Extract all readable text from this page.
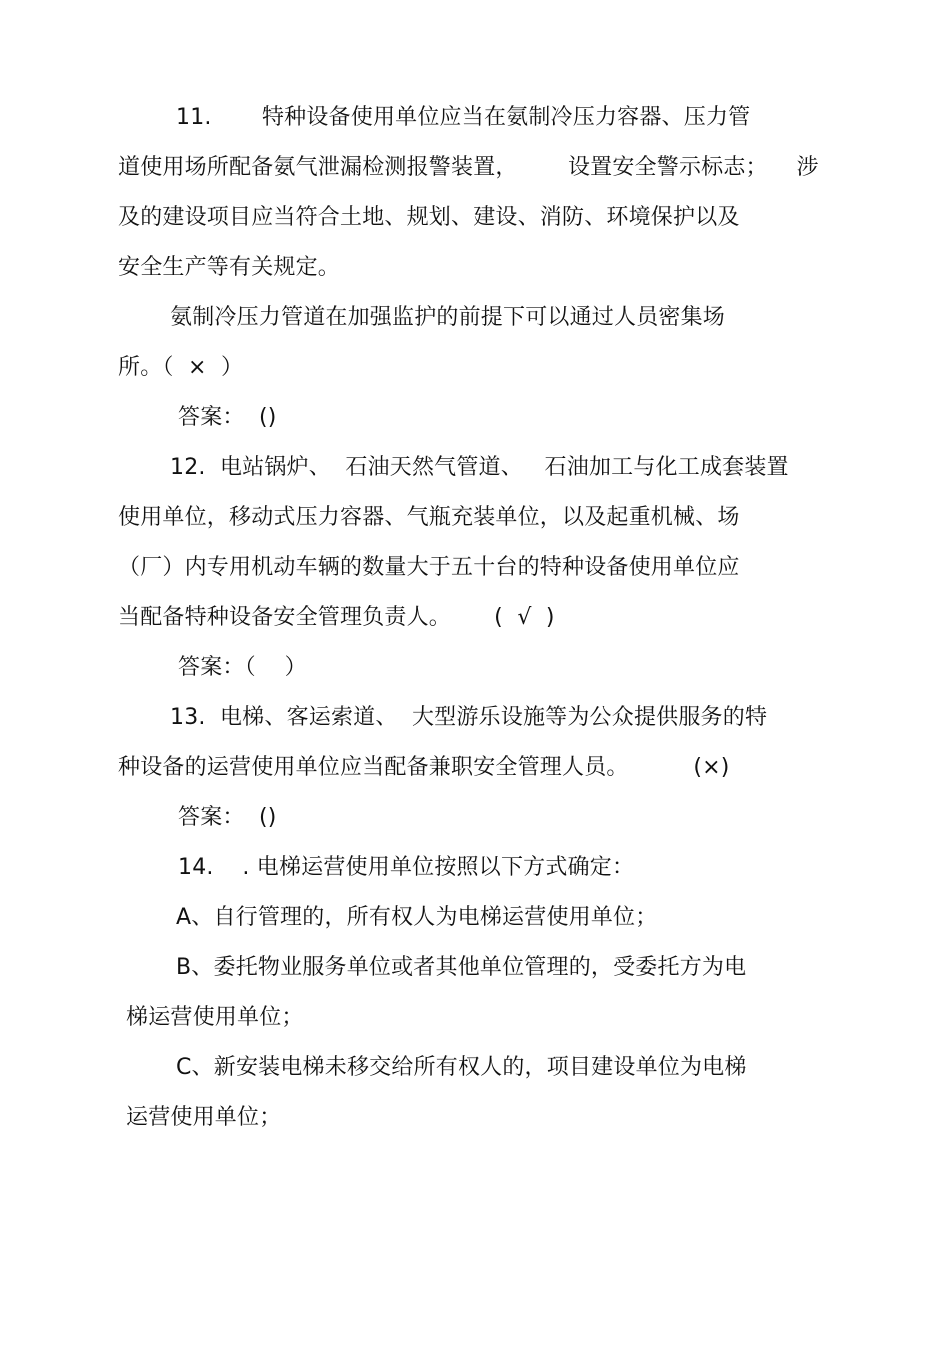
11.       特种设备使用单位应当在氨制冷压力容器、压力管
道使用场所配备氨气泄漏检测报警装置，       设置安全警示标志；    涉
及的建设项目应当符合土地、规划、建设、消防、环境保护以及
安全生产等有关规定。
氨制冷压力管道在加强监护的前提下可以通过人员密集场
所。（  ×  ）
答案：  ()
12.  电站锅炉、  石油天然气管道、   石油加工与化工成套装置
使用单位，移动式压力容器、气瓶充装单位，以及起重机械、场
（厂）内专用机动车辆的数量大于五十台的特种设备使用单位应
当配备特种设备安全管理负责人。      (  √  )
答案：（    ）
13.  电梯、客运索道、  大型游乐设施等为公众提供服务的特
种设备的运营使用单位应当配备兼职安全管理人员。         (×)
答案：  ()
14.    . 电梯运营使用单位按照以下方式确定：
A、自行管理的，所有权人为电梯运营使用单位；
B、委托物业服务单位或者其他单位管理的，受委托方为电
梯运营使用单位；
C、新安装电梯未移交给所有权人的，项目建设单位为电梯
运营使用单位；
